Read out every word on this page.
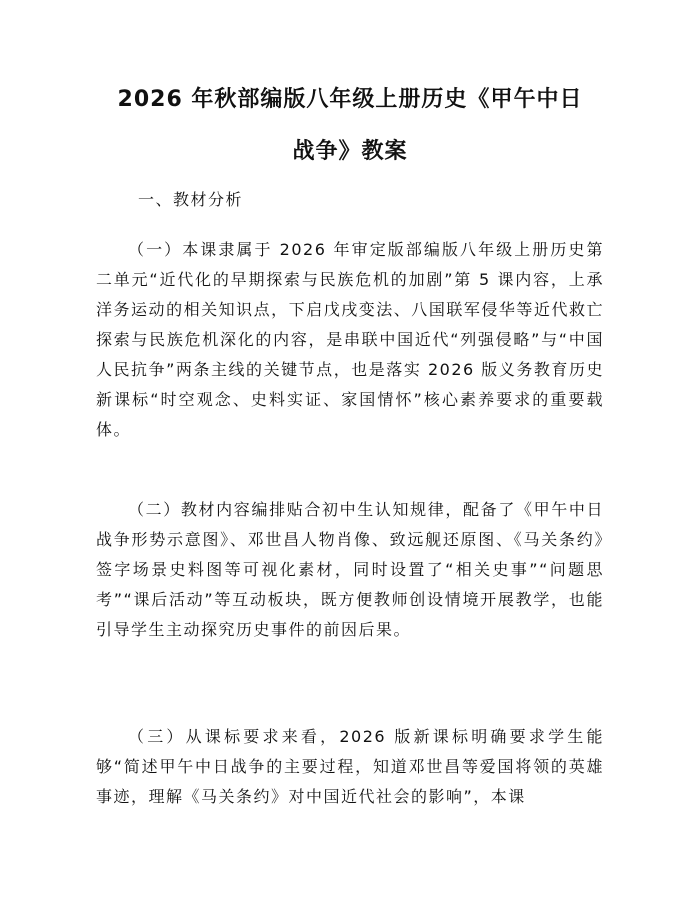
2026 年秋部编版八年级上册历史《甲午中日
战争》教案

一、教材分析

（一）本课隶属于 2026 年审定版部编版八年级上册历史第二单元“近代化的早期探索与民族危机的加剧”第 5 课内容，上承洋务运动的相关知识点，下启戊戌变法、八国联军侵华等近代救亡探索与民族危机深化的内容，是串联中国近代“列强侵略”与“中国人民抗争”两条主线的关键节点，也是落实 2026 版义务教育历史新课标“时空观念、史料实证、家国情怀”核心素养要求的重要载体。

（二）教材内容编排贴合初中生认知规律，配备了《甲午中日战争形势示意图》、邓世昌人物肖像、致远舰还原图、《马关条约》签字场景史料图等可视化素材，同时设置了“相关史事”“问题思考”“课后活动”等互动板块，既方便教师创设情境开展教学，也能引导学生主动探究历史事件的前因后果。

（三）从课标要求来看，2026 版新课标明确要求学生能够“简述甲午中日战争的主要过程，知道邓世昌等爱国将领的英雄事迹，理解《马关条约》对中国近代社会的影响”，本课
